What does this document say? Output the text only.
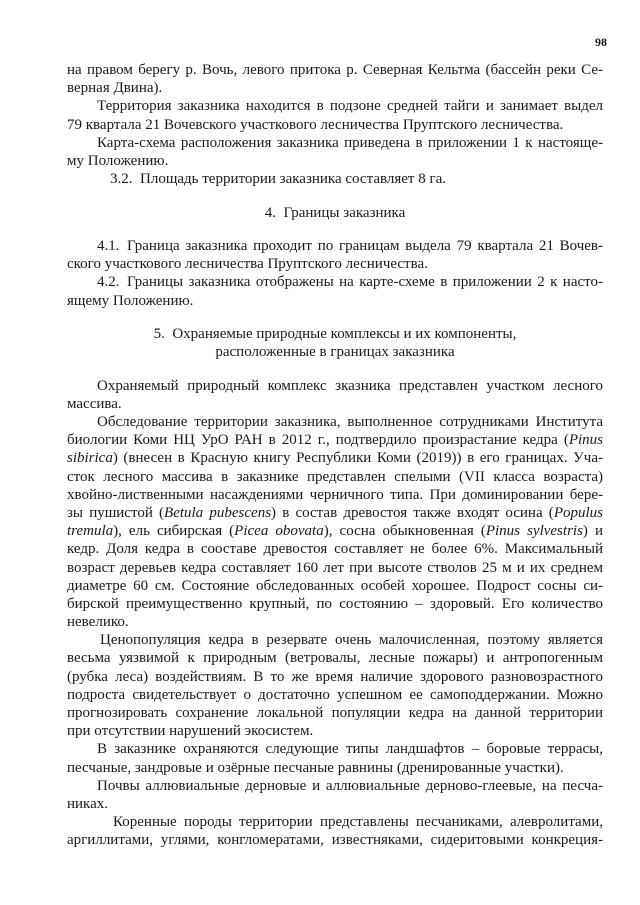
98
на правом берегу р. Вочь, левого притока р. Северная Кельтма (бассейн реки Се-
верная Двина).
Территория заказника находится в подзоне средней тайги и занимает выдел
79 квартала 21 Вочевского участкового лесничества Пруптского лесничества.
Карта-схема расположения заказника приведена в приложении 1 к настояще-
му Положению.
3.2. Площадь территории заказника составляет 8 га.
4. Границы заказника
4.1. Граница заказника проходит по границам выдела 79 квартала 21 Вочев-
ского участкового лесничества Пруптского лесничества.
4.2. Границы заказника отображены на карте-схеме в приложении 2 к насто-
ящему Положению.
5. Охраняемые природные комплексы и их компоненты,
расположенные в границах заказника
Охраняемый природный комплекс зказника представлен участком лесного
массива.
Обследование территории заказника, выполненное сотрудниками Института
биологии Коми НЦ УрО РАН в 2012 г., подтвердило произрастание кедра (Pinus
sibirica) (внесен в Красную книгу Республики Коми (2019)) в его границах. Уча-
сток лесного массива в заказнике представлен спелыми (VII класса возраста)
хвойно-лиственными насаждениями черничного типа. При доминировании бере-
зы пушистой (Betula pubescens) в состав древостоя также входят осина (Populus
tremula), ель сибирская (Picea obovata), сосна обыкновенная (Pinus sylvestris) и
кедр. Доля кедра в сооставе древостоя составляет не более 6%. Максимальный
возраст деревьев кедра составляет 160 лет при высоте стволов 25 м и их среднем
диаметре 60 см. Состояние обследованных особей хорошее. Подрост сосны си-
бирской преимущественно крупный, по состоянию – здоровый. Его количество
невелико.
Ценопопуляция кедра в резервате очень малочисленная, поэтому является
весьма уязвимой к природным (ветровалы, лесные пожары) и антропогенным
(рубка леса) воздействиям. В то же время наличие здорового разновозрастного
подроста свидетельствует о достаточно успешном ее самоподдержании. Можно
прогнозировать сохранение локальной популяции кедра на данной территории
при отсутствии нарушений экосистем.
В заказнике охраняются следующие типы ландшафтов – боровые террасы,
песчаные, зандровые и озёрные песчаные равнины (дренированные участки).
Почвы аллювиальные дерновые и аллювиальные дерново-глеевые, на песча-
никах.
Коренные породы территории представлены песчаниками, алевролитами,
аргиллитами, углями, конгломератами, известняками, сидеритовыми конкреция-
